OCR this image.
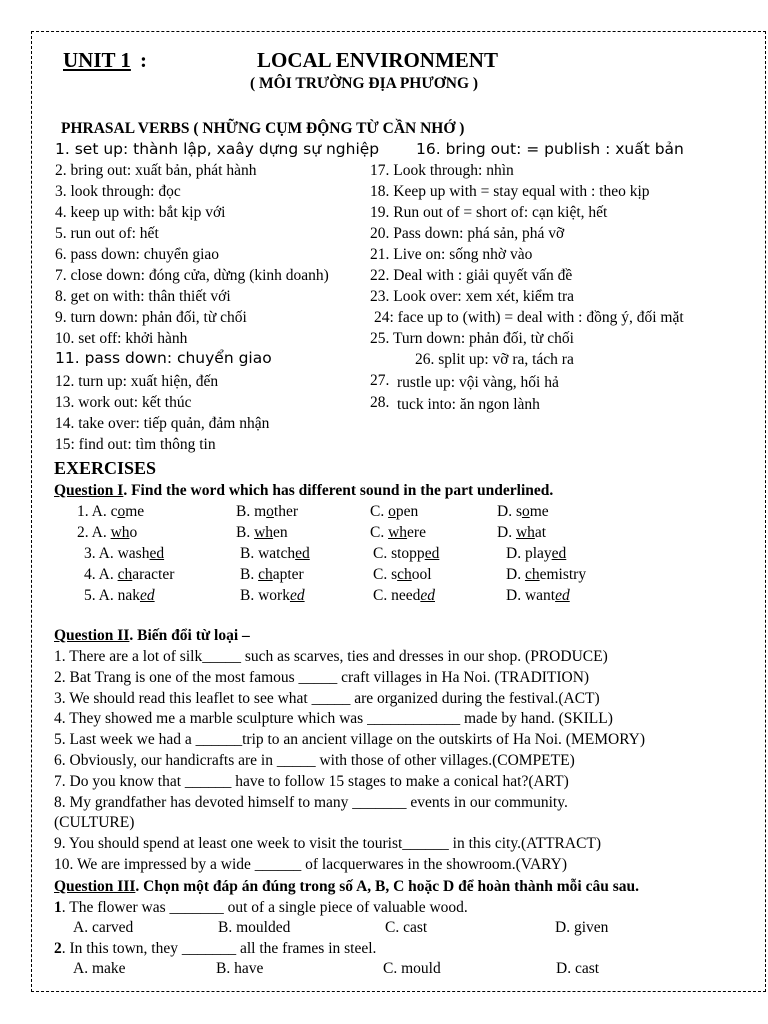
UNIT 1 :	LOCAL ENVIRONMENT
( MÔI TRƯỜNG ĐỊA PHƯƠNG )
PHRASAL VERBS ( NHỮNG CỤM ĐỘNG TỪ CẦN NHỚ )
1. set up: thành lập, xaây dựng sự nghiệp
2. bring out: xuất bản, phát hành
3. look through: đọc
4. keep up with: bắt kịp với
5. run out of: hết
6. pass down: chuyển giao
7. close down: đóng cửa, dừng (kinh doanh)
8. get on with: thân thiết với
9. turn down: phản đối, từ chối
10. set off: khởi hành
11. pass down: chuyển giao
12. turn up: xuất hiện, đến
13. work out: kết thúc
14. take over: tiếp quản, đảm nhận
15: find out: tìm thông tin
16. bring out: = publish : xuất bản
17. Look through: nhìn
18. Keep up with = stay equal with : theo kịp
19. Run out of = short of: cạn kiệt, hết
20. Pass down: phá sản, phá vỡ
21. Live on: sống nhờ vào
22. Deal with : giải quyết vấn đề
23. Look over: xem xét, kiểm tra
24: face up to (with) = deal with : đồng ý, đối mặt
25. Turn down: phản đối, từ chối
26. split up: vỡ ra, tách ra
27. rustle up: vội vàng, hối hả
28. tuck into: ăn ngon lành
EXERCISES
Question I. Find the word which has different sound in the part underlined.
1. A. come	B. mother	C. open	D. some
2. A. who	B. when	C. where	D. what
3. A. washed	B. watched	C. stopped	D. played
4. A. character	B. chapter	C. school	D. chemistry
5. A. naked	B. worked	C. needed	D. wanted
Question II. Biến đổi từ loại –
1. There are a lot of silk_____ such as scarves, ties and dresses in our shop. (PRODUCE)
2. Bat Trang is one of the most famous _____ craft villages in Ha Noi. (TRADITION)
3. We should read this leaflet to see what _____ are organized during the festival.(ACT)
4. They showed me a marble sculpture which was ____________ made by hand. (SKILL)
5. Last week we had a ______trip to an ancient village on the outskirts of Ha Noi. (MEMORY)
6. Obviously, our handicrafts are in _____ with those of other villages.(COMPETE)
7. Do you know that ______ have to follow 15 stages to make a conical hat?(ART)
8. My grandfather has devoted himself to many _______ events in our community.
(CULTURE)
9. You should spend at least one week to visit the tourist______ in this city.(ATTRACT)
10. We are impressed by a wide ______ of lacquerwares in the showroom.(VARY)
Question III. Chọn một đáp án đúng trong số A, B, C hoặc D để hoàn thành mỗi câu sau.
1. The flower was _______ out of a single piece of valuable wood.
A. carved	B. moulded	C. cast	D. given
2. In this town, they _______ all the frames in steel.
A. make	B. have	C. mould	D. cast
